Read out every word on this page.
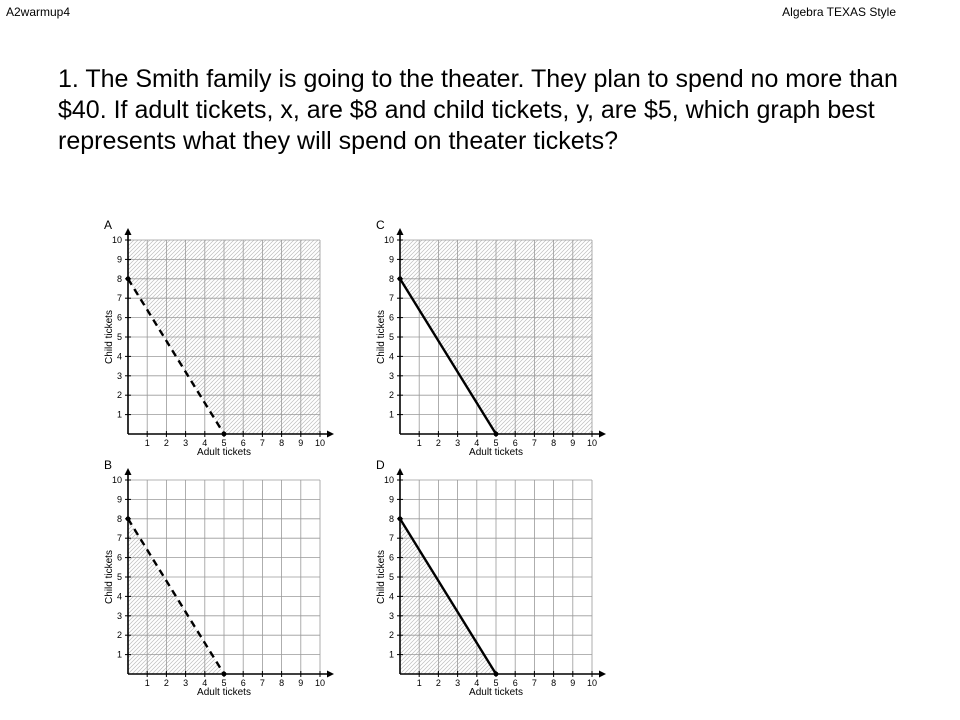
A2warmup4	Algebra TEXAS Style

1. The Smith family is going to the theater. They plan to spend no more than $40. If adult tickets, x, are $8 and child tickets, y, are $5, which graph best represents what they will spend on theater tickets?

1 2 3 4 5 6 7 8 9 10
1
2
3
4
5
6
7
8
9
10
A
Adult tickets
Child tickets
1 2 3 4 5 6 7 8 9 10
1
2
3
4
5
6
7
8
9
10
C
Adult tickets
Child tickets
1 2 3 4 5 6 7 8 9 10
1
2
3
4
5
6
7
8
9
10
B
Adult tickets
Child tickets
1 2 3 4 5 6 7 8 9 10
1
2
3
4
5
6
7
8
9
10
D
Adult tickets
Child tickets
